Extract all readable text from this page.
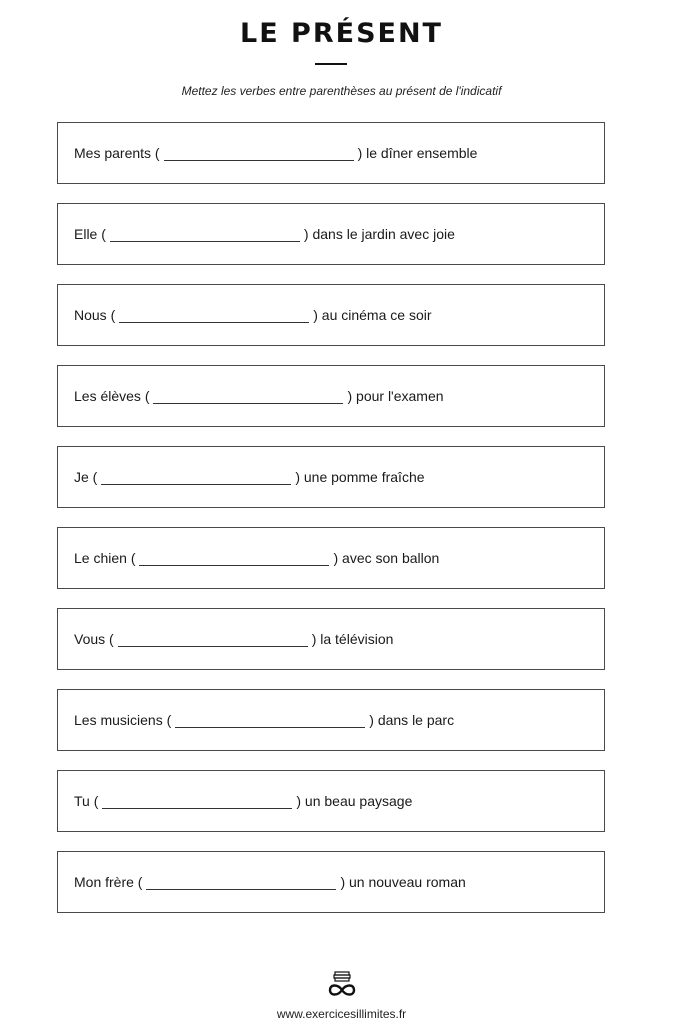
LE PRÉSENT
Mettez les verbes entre parenthèses au présent de l'indicatif
Mes parents (	) le dîner ensemble
Elle (	) dans le jardin avec joie
Nous (	) au cinéma ce soir
Les élèves (	) pour l'examen
Je (	) une pomme fraîche
Le chien (	) avec son ballon
Vous (	) la télévision
Les musiciens (	) dans le parc
Tu (	) un beau paysage
Mon frère (	) un nouveau roman
www.exercicesillimites.fr
